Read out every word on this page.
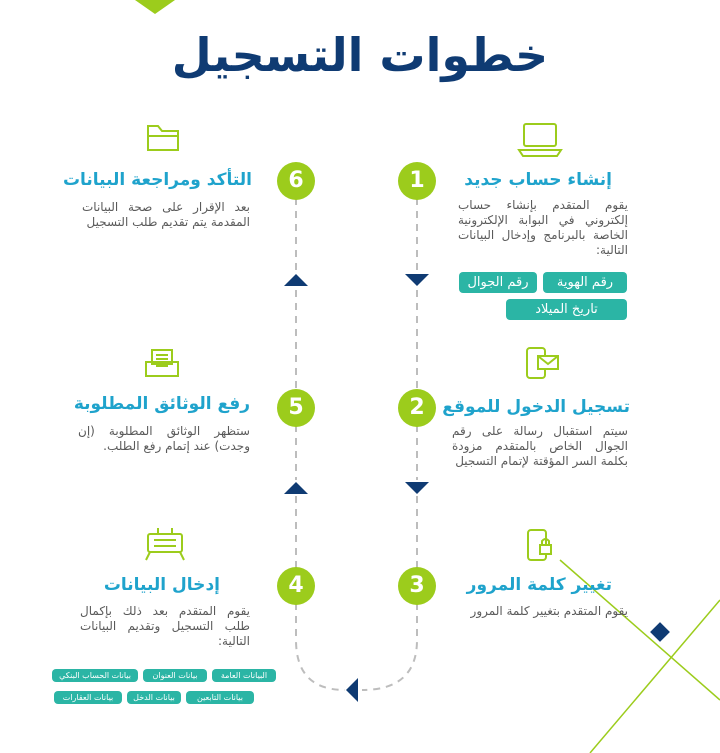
خطوات التسجيل
1	إنشاء حساب جديد
يقوم المتقدم بإنشاء حساب إلكتروني في البوابة الإلكترونية الخاصة بالبرنامج وإدخال البيانات التالية:
رقم الهوية
رقم الجوال
تاريخ الميلاد
2	تسجيل الدخول للموقع
سيتم استقبال رسالة على رقم الجوال الخاص بالمتقدم مزودة بكلمة السر المؤقتة لإتمام التسجيل
3	تغيير كلمة المرور
يقوم المتقدم بتغيير كلمة المرور
4
إدخال البيانات
يقوم المتقدم بعد ذلك بإكمال طلب التسجيل وتقديم البيانات التالية:
البيانات العامة
بيانات العنوان
بيانات الحساب البنكي
بيانات التابعين
بيانات الدخل
بيانات العقارات
5
رفع الوثائق المطلوبة
ستظهر الوثائق المطلوبة (إن وجدت) عند إتمام رفع الطلب.
6
التأكد ومراجعة البيانات
بعد الإقرار على صحة البيانات المقدمة يتم تقديم طلب التسجيل
